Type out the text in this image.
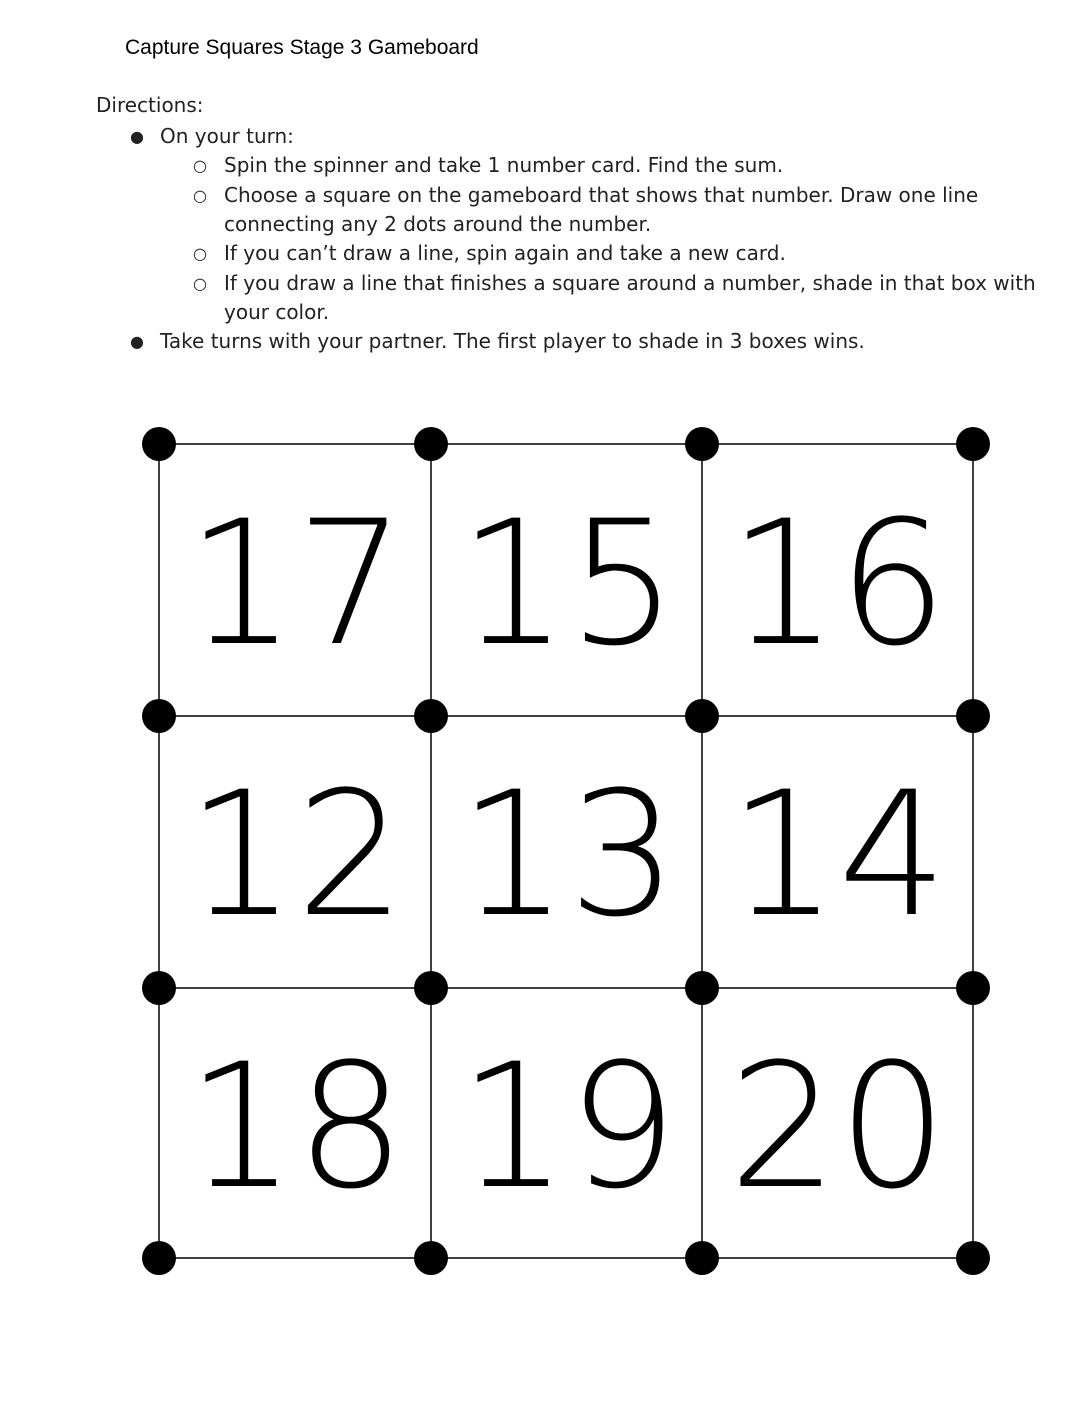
Capture Squares Stage 3 Gameboard
Directions:
● On your turn:
○ Spin the spinner and take 1 number card. Find the sum.
○ Choose a square on the gameboard that shows that number. Draw one line
connecting any 2 dots around the number.
○ If you can’t draw a line, spin again and take a new card.
○ If you draw a line that finishes a square around a number, shade in that box with
your color.
● Take turns with your partner. The first player to shade in 3 boxes wins.
17 15 16
12 13 14
18 19 20
